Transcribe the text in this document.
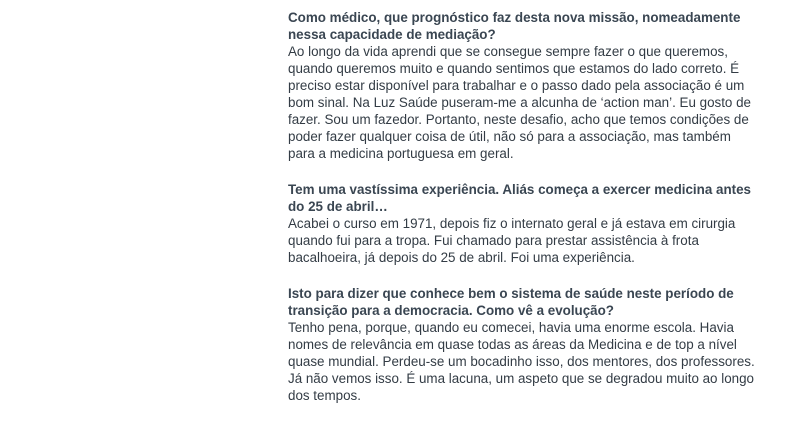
Como médico, que prognóstico faz desta nova missão, nomeadamente nessa capacidade de mediação?

Ao longo da vida aprendi que se consegue sempre fazer o que queremos, quando queremos muito e quando sentimos que estamos do lado correto. É preciso estar disponível para trabalhar e o passo dado pela associação é um bom sinal. Na Luz Saúde puseram-me a alcunha de ‘action man’. Eu gosto de fazer. Sou um fazedor. Portanto, neste desafio, acho que temos condições de poder fazer qualquer coisa de útil, não só para a associação, mas também para a medicina portuguesa em geral.

Tem uma vastíssima experiência. Aliás começa a exercer medicina antes do 25 de abril…

Acabei o curso em 1971, depois fiz o internato geral e já estava em cirurgia quando fui para a tropa. Fui chamado para prestar assistência à frota bacalhoeira, já depois do 25 de abril. Foi uma experiência.

Isto para dizer que conhece bem o sistema de saúde neste período de transição para a democracia. Como vê a evolução?

Tenho pena, porque, quando eu comecei, havia uma enorme escola. Havia nomes de relevância em quase todas as áreas da Medicina e de top a nível quase mundial. Perdeu-se um bocadinho isso, dos mentores, dos professores. Já não vemos isso. É uma lacuna, um aspeto que se degradou muito ao longo dos tempos.
